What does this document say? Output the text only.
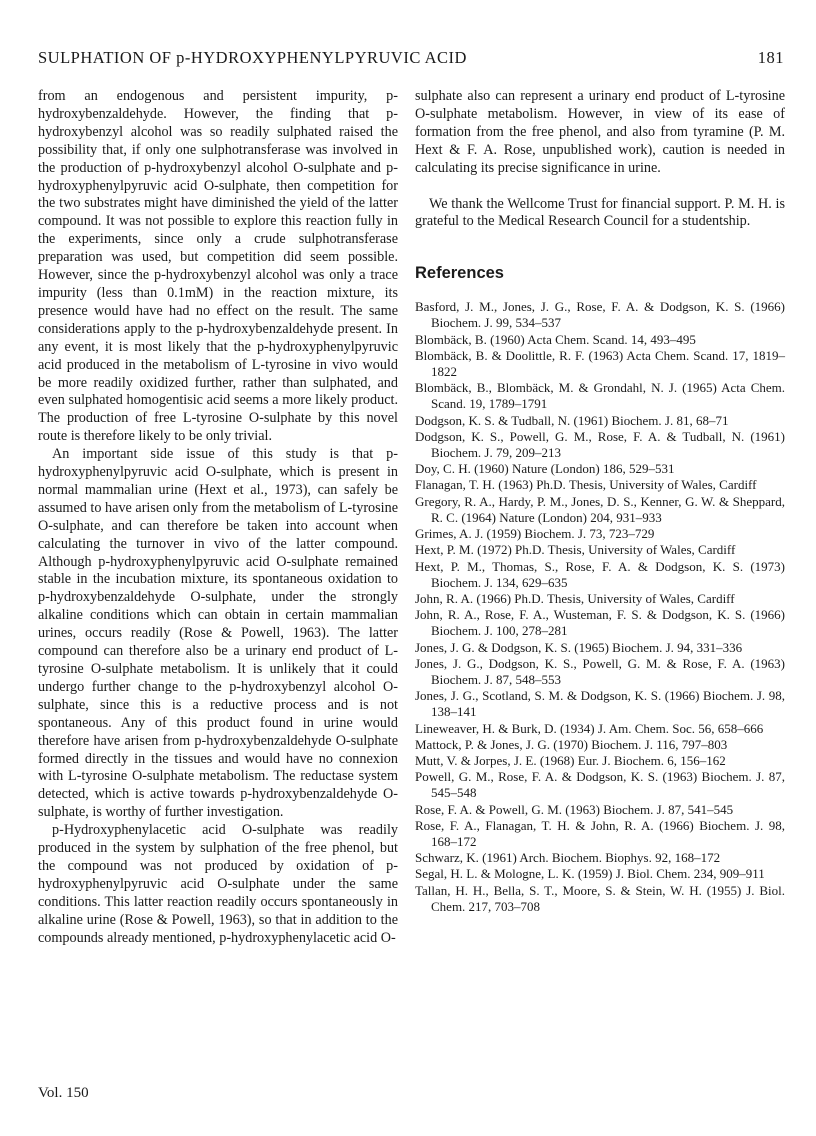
SULPHATION OF p-HYDROXYPHENYLPYRUVIC ACID	181

from an endogenous and persistent impurity, p-hydroxybenzaldehyde. However, the finding that p-hydroxybenzyl alcohol was so readily sulphated raised the possibility that, if only one sulphotransferase was involved in the production of p-hydroxybenzyl alcohol O-sulphate and p-hydroxyphenylpyruvic acid O-sulphate, then competition for the two substrates might have diminished the yield of the latter compound. It was not possible to explore this reaction fully in the experiments, since only a crude sulphotransferase preparation was used, but competition did seem possible. However, since the p-hydroxybenzyl alcohol was only a trace impurity (less than 0.1mM) in the reaction mixture, its presence would have had no effect on the result. The same considerations apply to the p-hydroxybenzaldehyde present. In any event, it is most likely that the p-hydroxyphenylpyruvic acid produced in the metabolism of L-tyrosine in vivo would be more readily oxidized further, rather than sulphated, and even sulphated homogentisic acid seems a more likely product. The production of free L-tyrosine O-sulphate by this novel route is therefore likely to be only trivial.

An important side issue of this study is that p-hydroxyphenylpyruvic acid O-sulphate, which is present in normal mammalian urine (Hext et al., 1973), can safely be assumed to have arisen only from the metabolism of L-tyrosine O-sulphate, and can therefore be taken into account when calculating the turnover in vivo of the latter compound. Although p-hydroxyphenylpyruvic acid O-sulphate remained stable in the incubation mixture, its spontaneous oxidation to p-hydroxybenzaldehyde O-sulphate, under the strongly alkaline conditions which can obtain in certain mammalian urines, occurs readily (Rose & Powell, 1963). The latter compound can therefore also be a urinary end product of L-tyrosine O-sulphate metabolism. It is unlikely that it could undergo further change to the p-hydroxybenzyl alcohol O-sulphate, since this is a reductive process and is not spontaneous. Any of this product found in urine would therefore have arisen from p-hydroxybenzaldehyde O-sulphate formed directly in the tissues and would have no connexion with L-tyrosine O-sulphate metabolism. The reductase system detected, which is active towards p-hydroxybenzaldehyde O-sulphate, is worthy of further investigation.

p-Hydroxyphenylacetic acid O-sulphate was readily produced in the system by sulphation of the free phenol, but the compound was not produced by oxidation of p-hydroxyphenylpyruvic acid O-sulphate under the same conditions. This latter reaction readily occurs spontaneously in alkaline urine (Rose & Powell, 1963), so that in addition to the compounds already mentioned, p-hydroxyphenylacetic acid O-

sulphate also can represent a urinary end product of L-tyrosine O-sulphate metabolism. However, in view of its ease of formation from the free phenol, and also from tyramine (P. M. Hext & F. A. Rose, unpublished work), caution is needed in calculating its precise significance in urine.

We thank the Wellcome Trust for financial support. P. M. H. is grateful to the Medical Research Council for a studentship.

References

Basford, J. M., Jones, J. G., Rose, F. A. & Dodgson, K. S. (1966) Biochem. J. 99, 534–537

Blombäck, B. (1960) Acta Chem. Scand. 14, 493–495

Blombäck, B. & Doolittle, R. F. (1963) Acta Chem. Scand. 17, 1819–1822

Blombäck, B., Blombäck, M. & Grondahl, N. J. (1965) Acta Chem. Scand. 19, 1789–1791

Dodgson, K. S. & Tudball, N. (1961) Biochem. J. 81, 68–71

Dodgson, K. S., Powell, G. M., Rose, F. A. & Tudball, N. (1961) Biochem. J. 79, 209–213

Doy, C. H. (1960) Nature (London) 186, 529–531

Flanagan, T. H. (1963) Ph.D. Thesis, University of Wales, Cardiff

Gregory, R. A., Hardy, P. M., Jones, D. S., Kenner, G. W. & Sheppard, R. C. (1964) Nature (London) 204, 931–933

Grimes, A. J. (1959) Biochem. J. 73, 723–729

Hext, P. M. (1972) Ph.D. Thesis, University of Wales, Cardiff

Hext, P. M., Thomas, S., Rose, F. A. & Dodgson, K. S. (1973) Biochem. J. 134, 629–635

John, R. A. (1966) Ph.D. Thesis, University of Wales, Cardiff

John, R. A., Rose, F. A., Wusteman, F. S. & Dodgson, K. S. (1966) Biochem. J. 100, 278–281

Jones, J. G. & Dodgson, K. S. (1965) Biochem. J. 94, 331–336

Jones, J. G., Dodgson, K. S., Powell, G. M. & Rose, F. A. (1963) Biochem. J. 87, 548–553

Jones, J. G., Scotland, S. M. & Dodgson, K. S. (1966) Biochem. J. 98, 138–141

Lineweaver, H. & Burk, D. (1934) J. Am. Chem. Soc. 56, 658–666

Mattock, P. & Jones, J. G. (1970) Biochem. J. 116, 797–803

Mutt, V. & Jorpes, J. E. (1968) Eur. J. Biochem. 6, 156–162

Powell, G. M., Rose, F. A. & Dodgson, K. S. (1963) Biochem. J. 87, 545–548

Rose, F. A. & Powell, G. M. (1963) Biochem. J. 87, 541–545

Rose, F. A., Flanagan, T. H. & John, R. A. (1966) Biochem. J. 98, 168–172

Schwarz, K. (1961) Arch. Biochem. Biophys. 92, 168–172

Segal, H. L. & Mologne, L. K. (1959) J. Biol. Chem. 234, 909–911

Tallan, H. H., Bella, S. T., Moore, S. & Stein, W. H. (1955) J. Biol. Chem. 217, 703–708

Vol. 150
